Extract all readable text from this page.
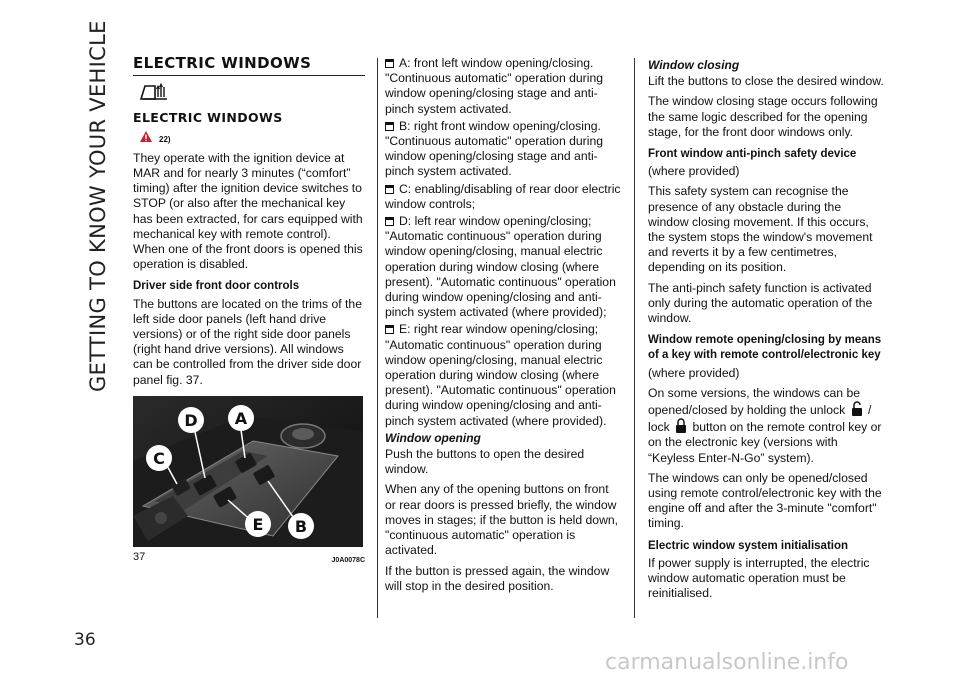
GETTING TO KNOW YOUR VEHICLE
36
ELECTRIC WINDOWS
ELECTRIC WINDOWS
22)

They operate with the ignition device at MAR and for nearly 3 minutes (“comfort” timing) after the ignition device switches to STOP (or also after the mechanical key has been extracted, for cars equipped with mechanical key with remote control). When one of the front doors is opened this operation is disabled.

Driver side front door controls

The buttons are located on the trims of the left side door panels (left hand drive versions) or of the right side door panels (right hand drive versions). All windows can be controlled from the driver side door panel fig. 37.

D A
C
E B
37	J0A0078C
A: front left window opening/closing. "Continuous automatic" operation during window opening/closing stage and anti-pinch system activated.
B: right front window opening/closing. "Continuous automatic" operation during window opening/closing stage and anti-pinch system activated.
C: enabling/disabling of rear door electric window controls;
D: left rear window opening/closing; "Automatic continuous" operation during window opening/closing, manual electric operation during window closing (where present). "Automatic continuous" operation during window opening/closing and anti-pinch system activated (where provided);
E: right rear window opening/closing; "Automatic continuous" operation during window opening/closing, manual electric operation during window closing (where present). "Automatic continuous" operation during window opening/closing and anti-pinch system activated (where provided).
Window opening

Push the buttons to open the desired window.

When any of the opening buttons on front or rear doors is pressed briefly, the window moves in stages; if the button is held down, "continuous automatic" operation is activated.

If the button is pressed again, the window will stop in the desired position.

Window closing

Lift the buttons to close the desired window.

The window closing stage occurs following the same logic described for the opening stage, for the front door windows only.

Front window anti-pinch safety device

(where provided)

This safety system can recognise the presence of any obstacle during the window closing movement. If this occurs, the system stops the window's movement and reverts it by a few centimetres, depending on its position.

The anti-pinch safety function is activated only during the automatic operation of the window.

Window remote opening/closing by means of a key with remote control/electronic key

(where provided)

On some versions, the windows can be opened/closed by holding the unlock / lock button on the remote control key or on the electronic key (versions with “Keyless Enter-N-Go” system).

The windows can only be opened/closed using remote control/electronic key with the engine off and after the 3-minute "comfort" timing.

Electric window system initialisation

If power supply is interrupted, the electric window automatic operation must be reinitialised.

carmanualsonline.info
